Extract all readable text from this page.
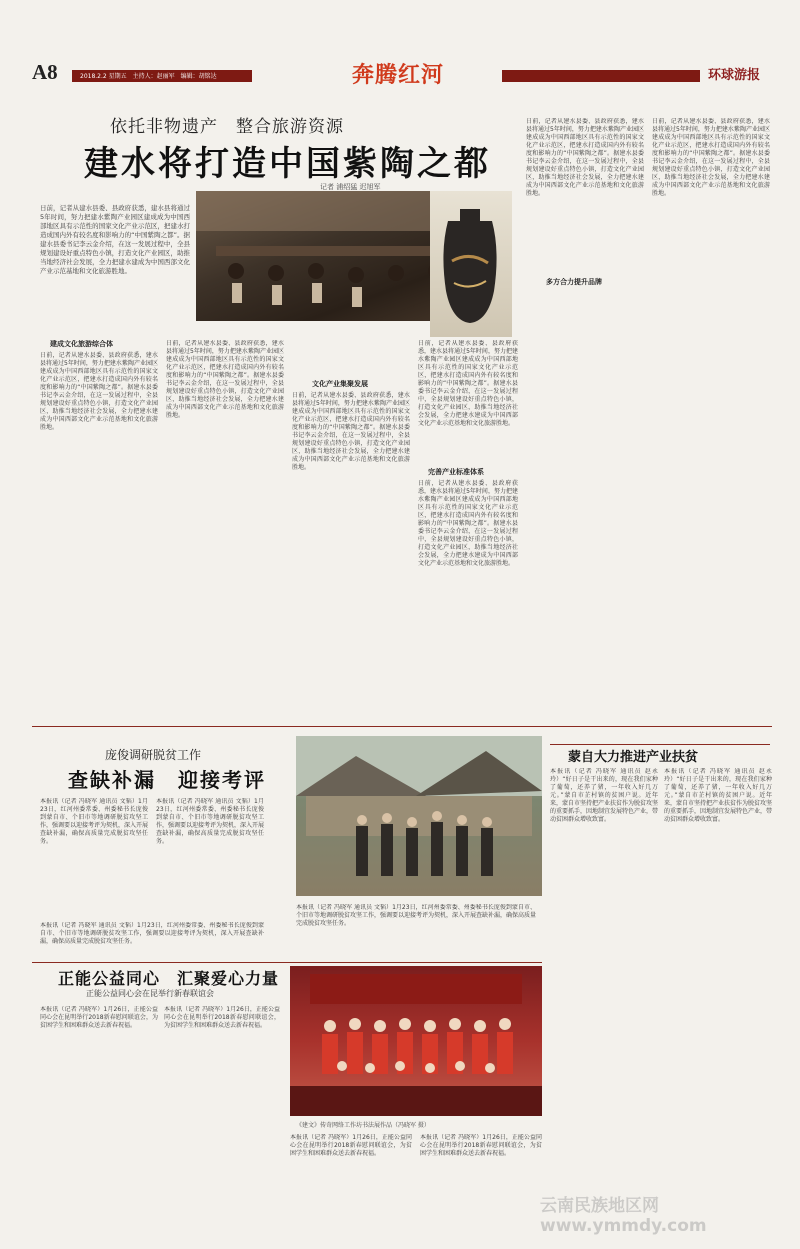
A8	2018.2.2 星期五　主持人：赵丽军　编辑：胡铭达	奔腾红河	环球游报
依托非物遗产　整合旅游资源
建水将打造中国紫陶之都
记者 浦绍猛 迟旭军
日前，记者从建水县委、县政府获悉，建水县将通过5年时间，努力把建水紫陶产业园区建成成为中国西部地区具有示范性的国家文化产业示范区，把建水打造成国内外有较名度和影响力的“中国紫陶之都”。据建水县委书记李云金介绍，在这一发展过程中，全县规划建设好重点特色小镇，打造文化产业园区，助推当地经济社会发展，全力把建水建成为中国西部文化产业示范基地和文化旅游胜地。
建成文化旅游综合体
日前，记者从建水县委、县政府获悉，建水县将通过5年时间，努力把建水紫陶产业园区建成成为中国西部地区具有示范性的国家文化产业示范区，把建水打造成国内外有较名度和影响力的“中国紫陶之都”。据建水县委书记李云金介绍，在这一发展过程中，全县规划建设好重点特色小镇，打造文化产业园区，助推当地经济社会发展，全力把建水建成为中国西部文化产业示范基地和文化旅游胜地。
日前，记者从建水县委、县政府获悉，建水县将通过5年时间，努力把建水紫陶产业园区建成成为中国西部地区具有示范性的国家文化产业示范区，把建水打造成国内外有较名度和影响力的“中国紫陶之都”。据建水县委书记李云金介绍，在这一发展过程中，全县规划建设好重点特色小镇，打造文化产业园区，助推当地经济社会发展，全力把建水建成为中国西部文化产业示范基地和文化旅游胜地。
文化产业集聚发展
日前，记者从建水县委、县政府获悉，建水县将通过5年时间，努力把建水紫陶产业园区建成成为中国西部地区具有示范性的国家文化产业示范区，把建水打造成国内外有较名度和影响力的“中国紫陶之都”。据建水县委书记李云金介绍，在这一发展过程中，全县规划建设好重点特色小镇，打造文化产业园区，助推当地经济社会发展，全力把建水建成为中国西部文化产业示范基地和文化旅游胜地。
日前，记者从建水县委、县政府获悉，建水县将通过5年时间，努力把建水紫陶产业园区建成成为中国西部地区具有示范性的国家文化产业示范区，把建水打造成国内外有较名度和影响力的“中国紫陶之都”。据建水县委书记李云金介绍，在这一发展过程中，全县规划建设好重点特色小镇，打造文化产业园区，助推当地经济社会发展，全力把建水建成为中国西部文化产业示范基地和文化旅游胜地。
完善产业标准体系
日前，记者从建水县委、县政府获悉，建水县将通过5年时间，努力把建水紫陶产业园区建成成为中国西部地区具有示范性的国家文化产业示范区，把建水打造成国内外有较名度和影响力的“中国紫陶之都”。据建水县委书记李云金介绍，在这一发展过程中，全县规划建设好重点特色小镇，打造文化产业园区，助推当地经济社会发展，全力把建水建成为中国西部文化产业示范基地和文化旅游胜地。
日前，记者从建水县委、县政府获悉，建水县将通过5年时间，努力把建水紫陶产业园区建成成为中国西部地区具有示范性的国家文化产业示范区，把建水打造成国内外有较名度和影响力的“中国紫陶之都”。据建水县委书记李云金介绍，在这一发展过程中，全县规划建设好重点特色小镇，打造文化产业园区，助推当地经济社会发展，全力把建水建成为中国西部文化产业示范基地和文化旅游胜地。
多方合力提升品牌
日前，记者从建水县委、县政府获悉，建水县将通过5年时间，努力把建水紫陶产业园区建成成为中国西部地区具有示范性的国家文化产业示范区，把建水打造成国内外有较名度和影响力的“中国紫陶之都”。据建水县委书记李云金介绍，在这一发展过程中，全县规划建设好重点特色小镇，打造文化产业园区，助推当地经济社会发展，全力把建水建成为中国西部文化产业示范基地和文化旅游胜地。
庞俊调研脱贫工作
查缺补漏　迎接考评
本报讯（记者 冯晓军 通讯员 文韬）1月23日，红河州委常委、州委秘书长庞俊到蒙自市、个旧市等地调研脱贫攻坚工作，强调要以迎接考评为契机，深入开展查缺补漏，确保高质量完成脱贫攻坚任务。
本报讯（记者 冯晓军 通讯员 文韬）1月23日，红河州委常委、州委秘书长庞俊到蒙自市、个旧市等地调研脱贫攻坚工作，强调要以迎接考评为契机，深入开展查缺补漏，确保高质量完成脱贫攻坚任务。
本报讯（记者 冯晓军 通讯员 文韬）1月23日，红河州委常委、州委秘书长庞俊到蒙自市、个旧市等地调研脱贫攻坚工作，强调要以迎接考评为契机，深入开展查缺补漏，确保高质量完成脱贫攻坚任务。
本报讯（记者 冯晓军 通讯员 文韬）1月23日，红河州委常委、州委秘书长庞俊到蒙自市、个旧市等地调研脱贫攻坚工作，强调要以迎接考评为契机，深入开展查缺补漏，确保高质量完成脱贫攻坚任务。
蒙自大力推进产业扶贫
本报讯（记者 冯晓军 通讯员 赵永玲）“好日子是干出来的，现在我们家种了葡萄，还养了猪，一年收入好几万元。”蒙自市芷村镇的贫困户说。近年来，蒙自市坚持把产业扶贫作为脱贫攻坚的重要抓手，因地制宜发展特色产业，带动贫困群众增收致富。
本报讯（记者 冯晓军 通讯员 赵永玲）“好日子是干出来的，现在我们家种了葡萄，还养了猪，一年收入好几万元。”蒙自市芷村镇的贫困户说。近年来，蒙自市坚持把产业扶贫作为脱贫攻坚的重要抓手，因地制宜发展特色产业，带动贫困群众增收致富。
正能公益同心　汇聚爱心力量
正能公益同心会在昆举行新春联谊会
本报讯（记者 冯晓军）1月26日，正能公益同心会在昆明举行2018新春慰问联谊会，为贫困学生和困难群众送去新春祝福。
本报讯（记者 冯晓军）1月26日，正能公益同心会在昆明举行2018新春慰问联谊会，为贫困学生和困难群众送去新春祝福。
《建文》传奇网络工作坊书法展作品（冯晓军 摄）
本报讯（记者 冯晓军）1月26日，正能公益同心会在昆明举行2018新春慰问联谊会，为贫困学生和困难群众送去新春祝福。
本报讯（记者 冯晓军）1月26日，正能公益同心会在昆明举行2018新春慰问联谊会，为贫困学生和困难群众送去新春祝福。
云南民族地区网
www.ymmdy.com
